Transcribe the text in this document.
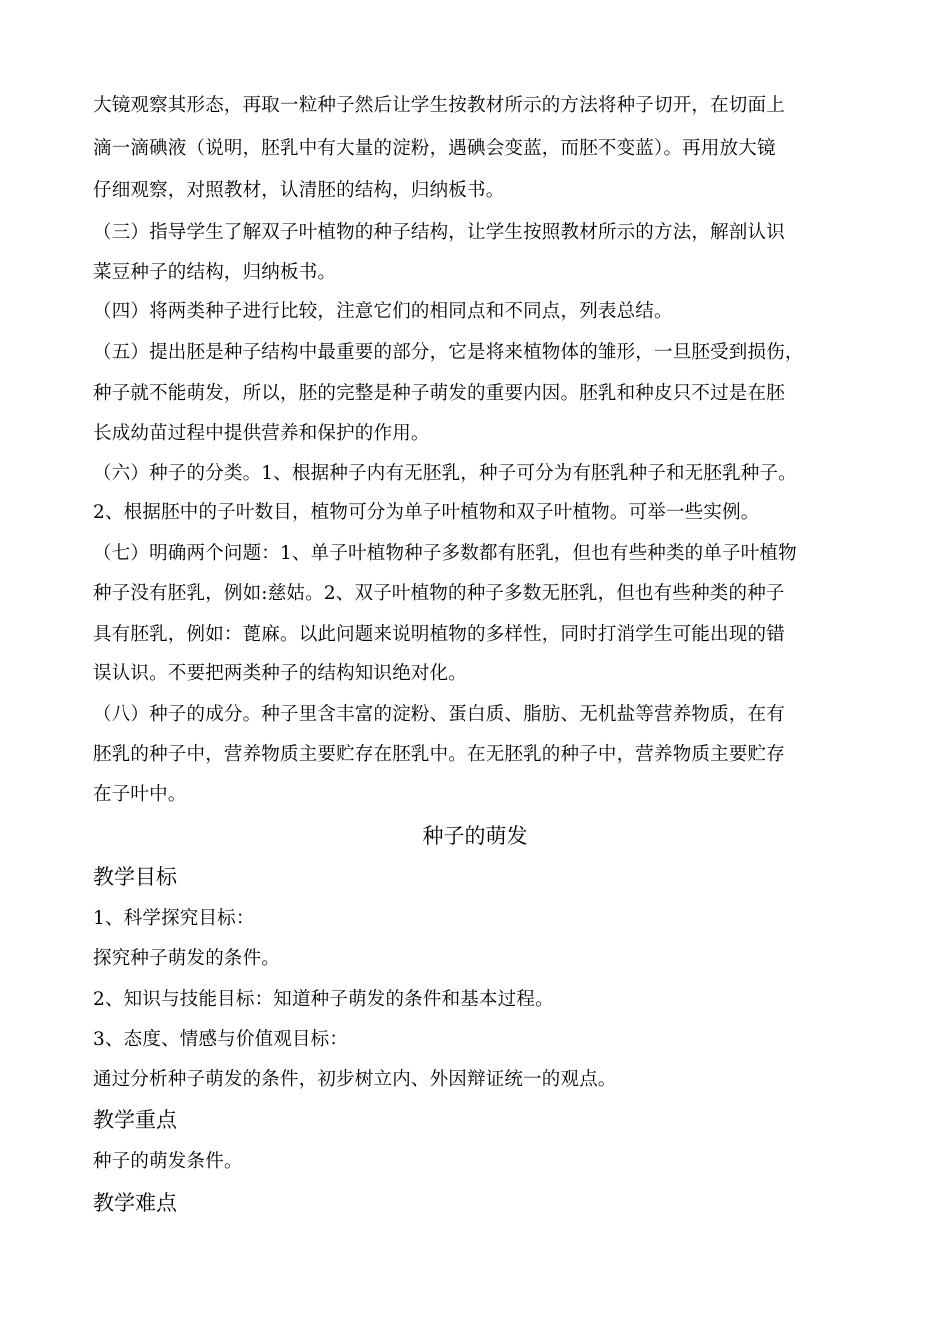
大镜观察其形态，再取一粒种子然后让学生按教材所示的方法将种子切开，在切面上
滴一滴碘液（说明，胚乳中有大量的淀粉，遇碘会变蓝，而胚不变蓝）。再用放大镜
仔细观察，对照教材，认清胚的结构，归纳板书。
（三）指导学生了解双子叶植物的种子结构，让学生按照教材所示的方法，解剖认识
菜豆种子的结构，归纳板书。
（四）将两类种子进行比较，注意它们的相同点和不同点，列表总结。
（五）提出胚是种子结构中最重要的部分，它是将来植物体的雏形，一旦胚受到损伤，
种子就不能萌发，所以，胚的完整是种子萌发的重要内因。胚乳和种皮只不过是在胚
长成幼苗过程中提供营养和保护的作用。
（六）种子的分类。1、根据种子内有无胚乳，种子可分为有胚乳种子和无胚乳种子。
2、根据胚中的子叶数目，植物可分为单子叶植物和双子叶植物。可举一些实例。
（七）明确两个问题：1、单子叶植物种子多数都有胚乳，但也有些种类的单子叶植物
种子没有胚乳，例如:慈姑。2、双子叶植物的种子多数无胚乳，但也有些种类的种子
具有胚乳，例如：蓖麻。以此问题来说明植物的多样性，同时打消学生可能出现的错
误认识。不要把两类种子的结构知识绝对化。
（八）种子的成分。种子里含丰富的淀粉、蛋白质、脂肪、无机盐等营养物质，在有
胚乳的种子中，营养物质主要贮存在胚乳中。在无胚乳的种子中，营养物质主要贮存
在子叶中。
种子的萌发
教学目标
1、科学探究目标：
探究种子萌发的条件。
2、知识与技能目标：知道种子萌发的条件和基本过程。
3、态度、情感与价值观目标：
通过分析种子萌发的条件，初步树立内、外因辩证统一的观点。
教学重点
种子的萌发条件。
教学难点
